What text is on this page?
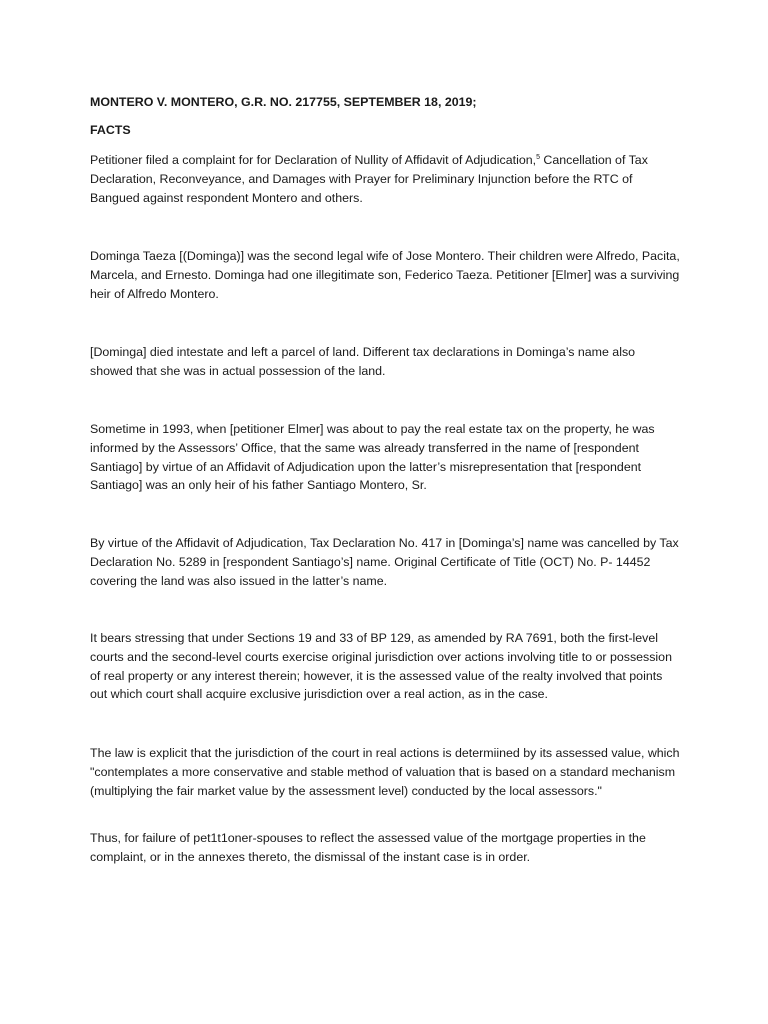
MONTERO V. MONTERO, G.R. NO. 217755, SEPTEMBER 18, 2019;

FACTS

Petitioner filed a complaint for for Declaration of Nullity of Affidavit of Adjudication,$^5$ Cancellation of Tax Declaration, Reconveyance, and Damages with Prayer for Preliminary Injunction before the RTC of Bangued against respondent Montero and others.

Dominga Taeza [(Dominga)] was the second legal wife of Jose Montero. Their children were Alfredo, Pacita, Marcela, and Ernesto. Dominga had one illegitimate son, Federico Taeza. Petitioner [Elmer] was a surviving heir of Alfredo Montero.

[Dominga] died intestate and left a parcel of land. Different tax declarations in Dominga’s name also showed that she was in actual possession of the land.

Sometime in 1993, when [petitioner Elmer] was about to pay the real estate tax on the property, he was informed by the Assessors’ Office, that the same was already transferred in the name of [respondent Santiago] by virtue of an Affidavit of Adjudication upon the latter’s misrepresentation that [respondent Santiago] was an only heir of his father Santiago Montero, Sr.

By virtue of the Affidavit of Adjudication, Tax Declaration No. 417 in [Dominga’s] name was cancelled by Tax Declaration No. 5289 in [respondent Santiago’s] name. Original Certificate of Title (OCT) No. P- 14452 covering the land was also issued in the latter’s name.

It bears stressing that under Sections 19 and 33 of BP 129, as amended by RA 7691, both the first-level courts and the second-level courts exercise original jurisdiction over actions involving title to or possession of real property or any interest therein; however, it is the assessed value of the realty involved that points out which court shall acquire exclusive jurisdiction over a real action, as in the case.

The law is explicit that the jurisdiction of the court in real actions is determiined by its assessed value, which "contemplates a more conservative and stable method of valuation that is based on a standard mechanism (multiplying the fair market value by the assessment level) conducted by the local assessors."

Thus, for failure of pet1t1oner-spouses to reflect the assessed value of the mortgage properties in the complaint, or in the annexes thereto, the dismissal of the instant case is in order.
